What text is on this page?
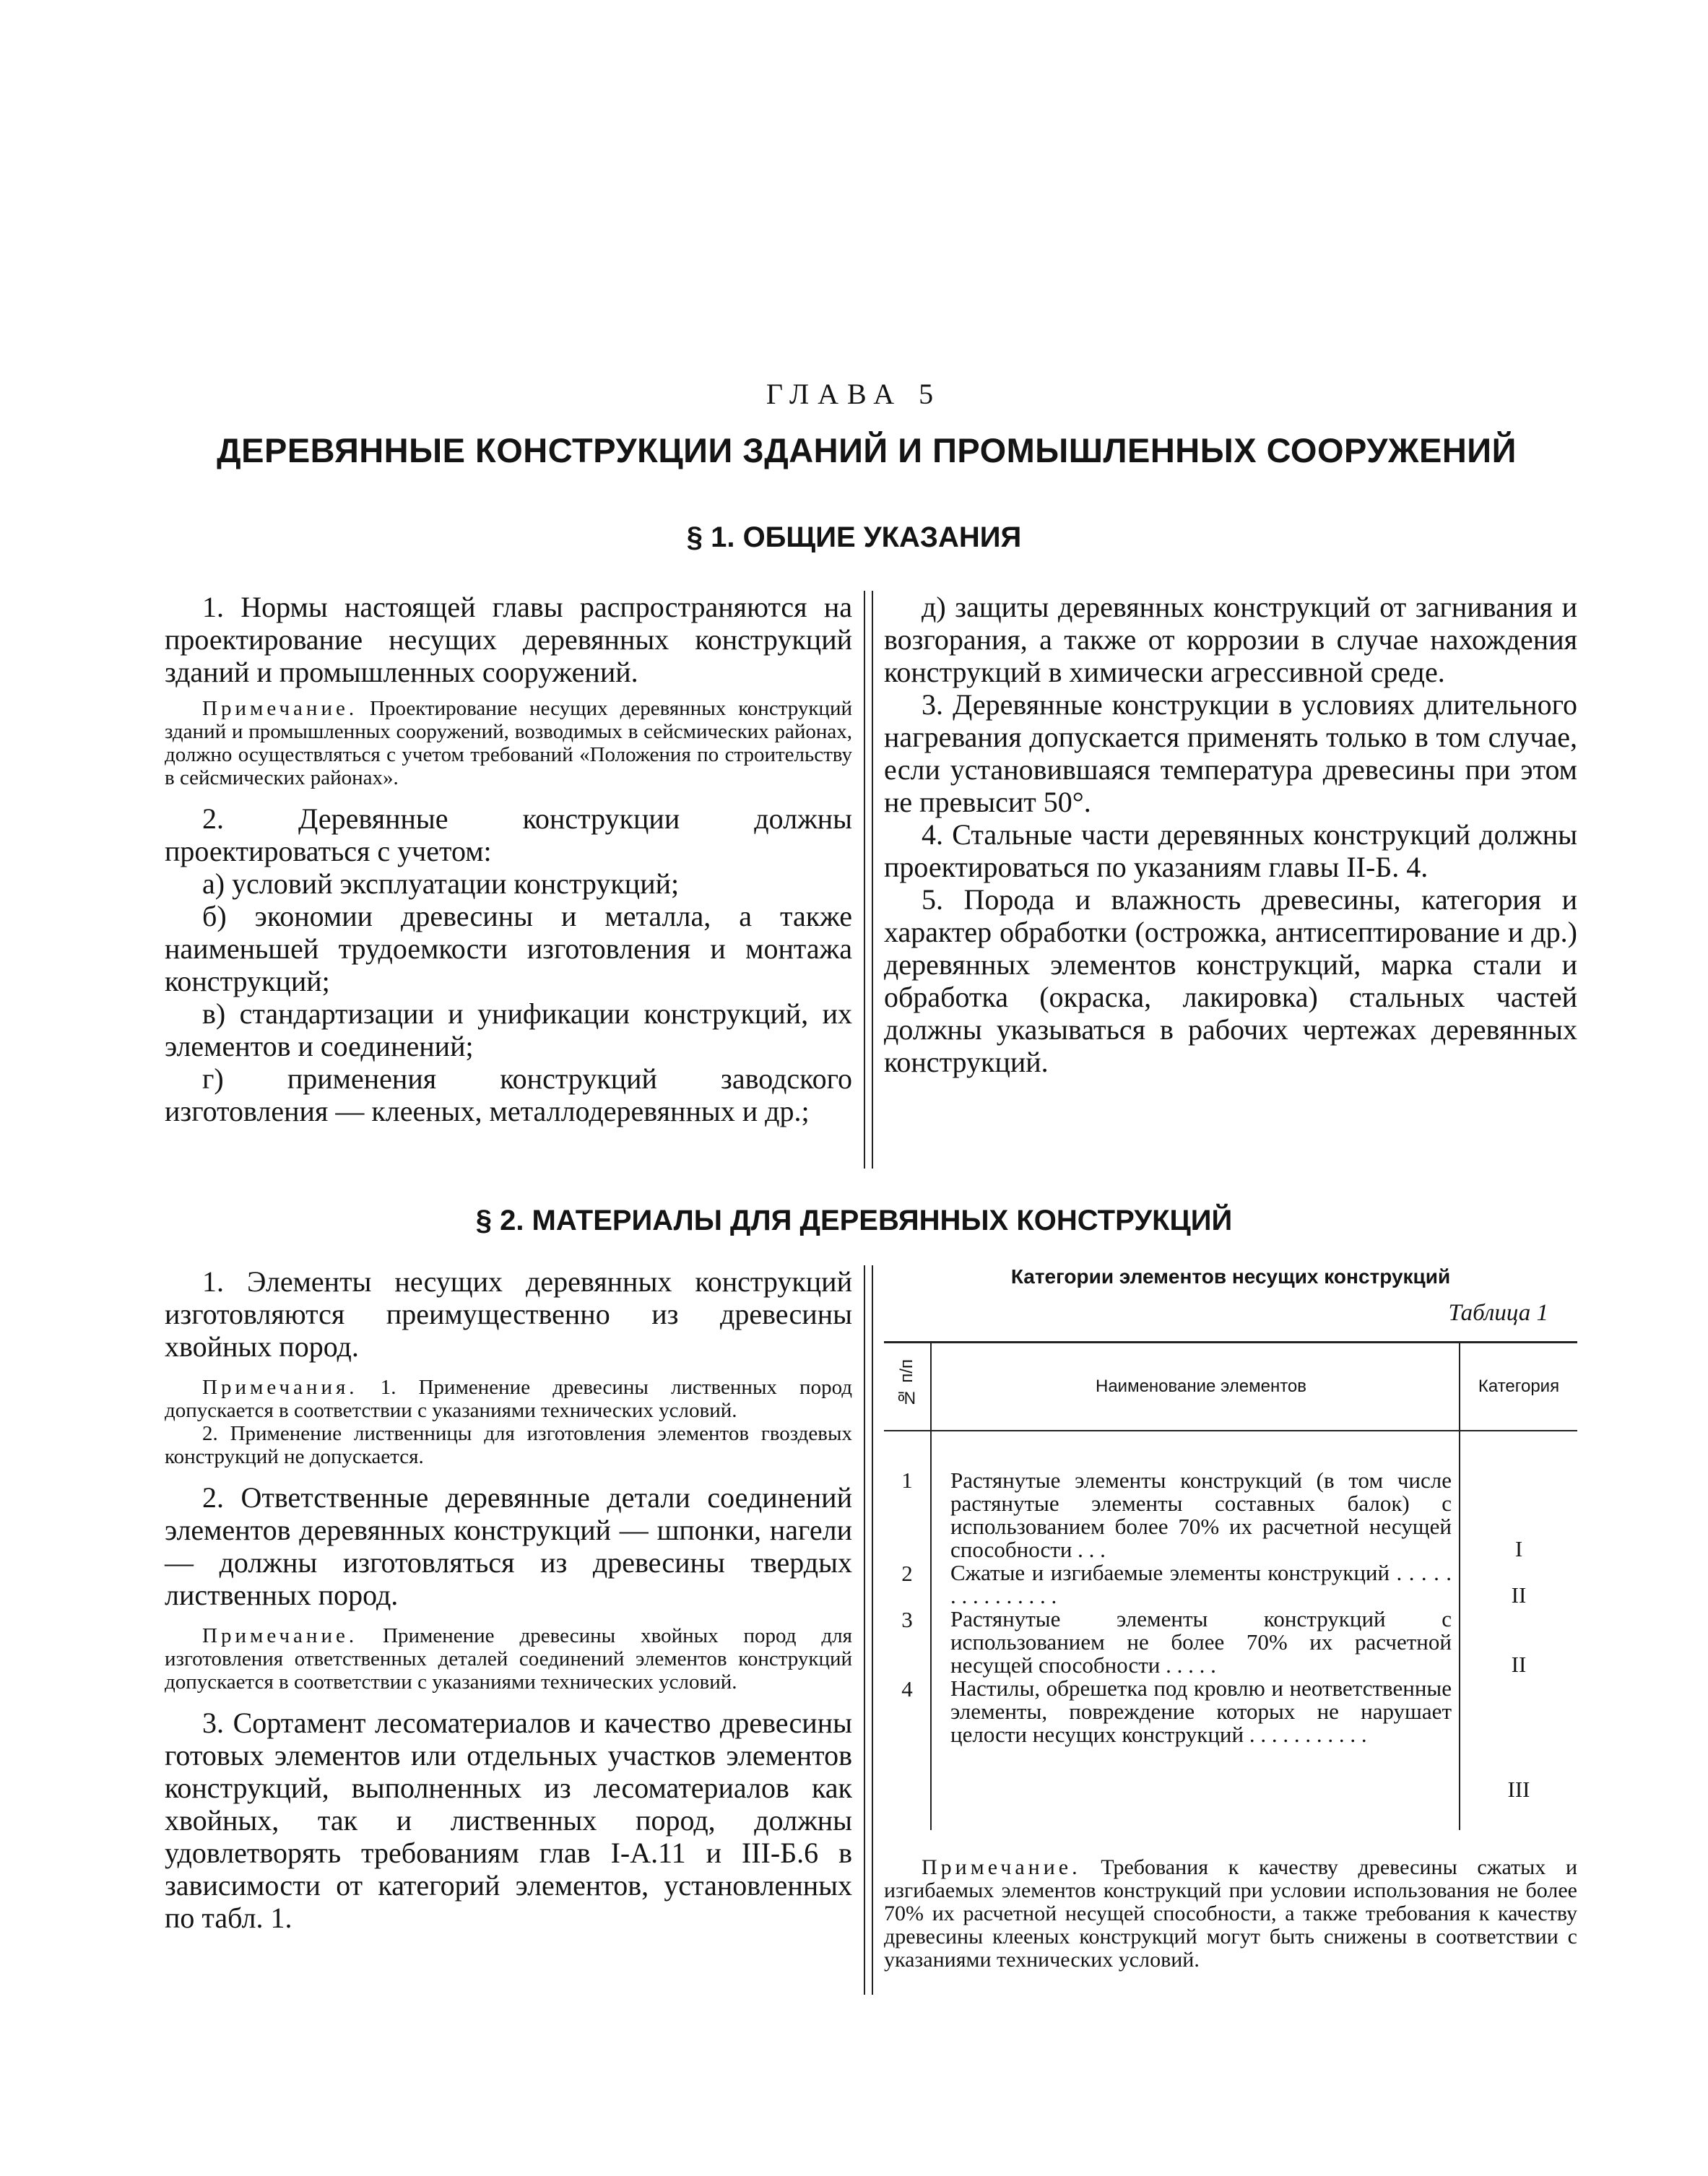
ГЛАВА 5
ДЕРЕВЯННЫЕ КОНСТРУКЦИИ ЗДАНИЙ И ПРОМЫШЛЕННЫХ СООРУЖЕНИЙ
§ 1. ОБЩИЕ УКАЗАНИЯ

1. Нормы настоящей главы распространяются на проектирование несущих деревянных конструкций зданий и промышленных сооружений.

Примечание. Проектирование несущих деревянных конструкций зданий и промышленных сооружений, возводимых в сейсмических районах, должно осуществляться с учетом требований «Положения по строительству в сейсмических районах».

2. Деревянные конструкции должны проектироваться с учетом:

а) условий эксплуатации конструкций;

б) экономии древесины и металла, а также наименьшей трудоемкости изготовления и монтажа конструкций;

в) стандартизации и унификации конструкций, их элементов и соединений;

г) применения конструкций заводского изготовления — клееных, металлодеревянных и др.;

д) защиты деревянных конструкций от загнивания и возгорания, а также от коррозии в случае нахождения конструкций в химически агрессивной среде.

3. Деревянные конструкции в условиях длительного нагревания допускается применять только в том случае, если установившаяся температура древесины при этом не превысит 50°.

4. Стальные части деревянных конструкций должны проектироваться по указаниям главы II-Б. 4.

5. Порода и влажность древесины, категория и характер обработки (острожка, антисептирование и др.) деревянных элементов конструкций, марка стали и обработка (окраска, лакировка) стальных частей должны указываться в рабочих чертежах деревянных конструкций.

§ 2. МАТЕРИАЛЫ ДЛЯ ДЕРЕВЯННЫХ КОНСТРУКЦИЙ

1. Элементы несущих деревянных конструкций изготовляются преимущественно из древесины хвойных пород.

Примечания. 1. Применение древесины лиственных пород допускается в соответствии с указаниями технических условий.

2. Применение лиственницы для изготовления элементов гвоздевых конструкций не допускается.

2. Ответственные деревянные детали соединений элементов деревянных конструкций — шпонки, нагели — должны изготовляться из древесины твердых лиственных пород.

Примечание. Применение древесины хвойных пород для изготовления ответственных деталей соединений элементов конструкций допускается в соответствии с указаниями технических условий.

3. Сортамент лесоматериалов и качество древесины готовых элементов или отдельных участков элементов конструкций, выполненных из лесоматериалов как хвойных, так и лиственных пород, должны удовлетворять требованиям глав I-А.11 и III-Б.6 в зависимости от категорий элементов, установленных по табл. 1.

Категории элементов несущих конструкций

Таблица 1

№ п/п	Наименование элементов	Категория
1	Растянутые элементы конструкций (в том числе растянутые элементы составных балок) с использованием более 70% их расчетной несущей способности . . .	I
2	Сжатые и изгибаемые элементы конструкций . . . . . . . . . . . . . . .	II
3	Растянутые элементы конструкций с использованием не более 70% их расчетной несущей способности . . . . .	II
4	Настилы, обрешетка под кровлю и неответственные элементы, повреждение которых не нарушает целости несущих конструкций . . . . . . . . . . .	III

Примечание. Требования к качеству древесины сжатых и изгибаемых элементов конструкций при условии использования не более 70% их расчетной несущей способности, а также требования к качеству древесины клееных конструкций могут быть снижены в соответствии с указаниями технических условий.
